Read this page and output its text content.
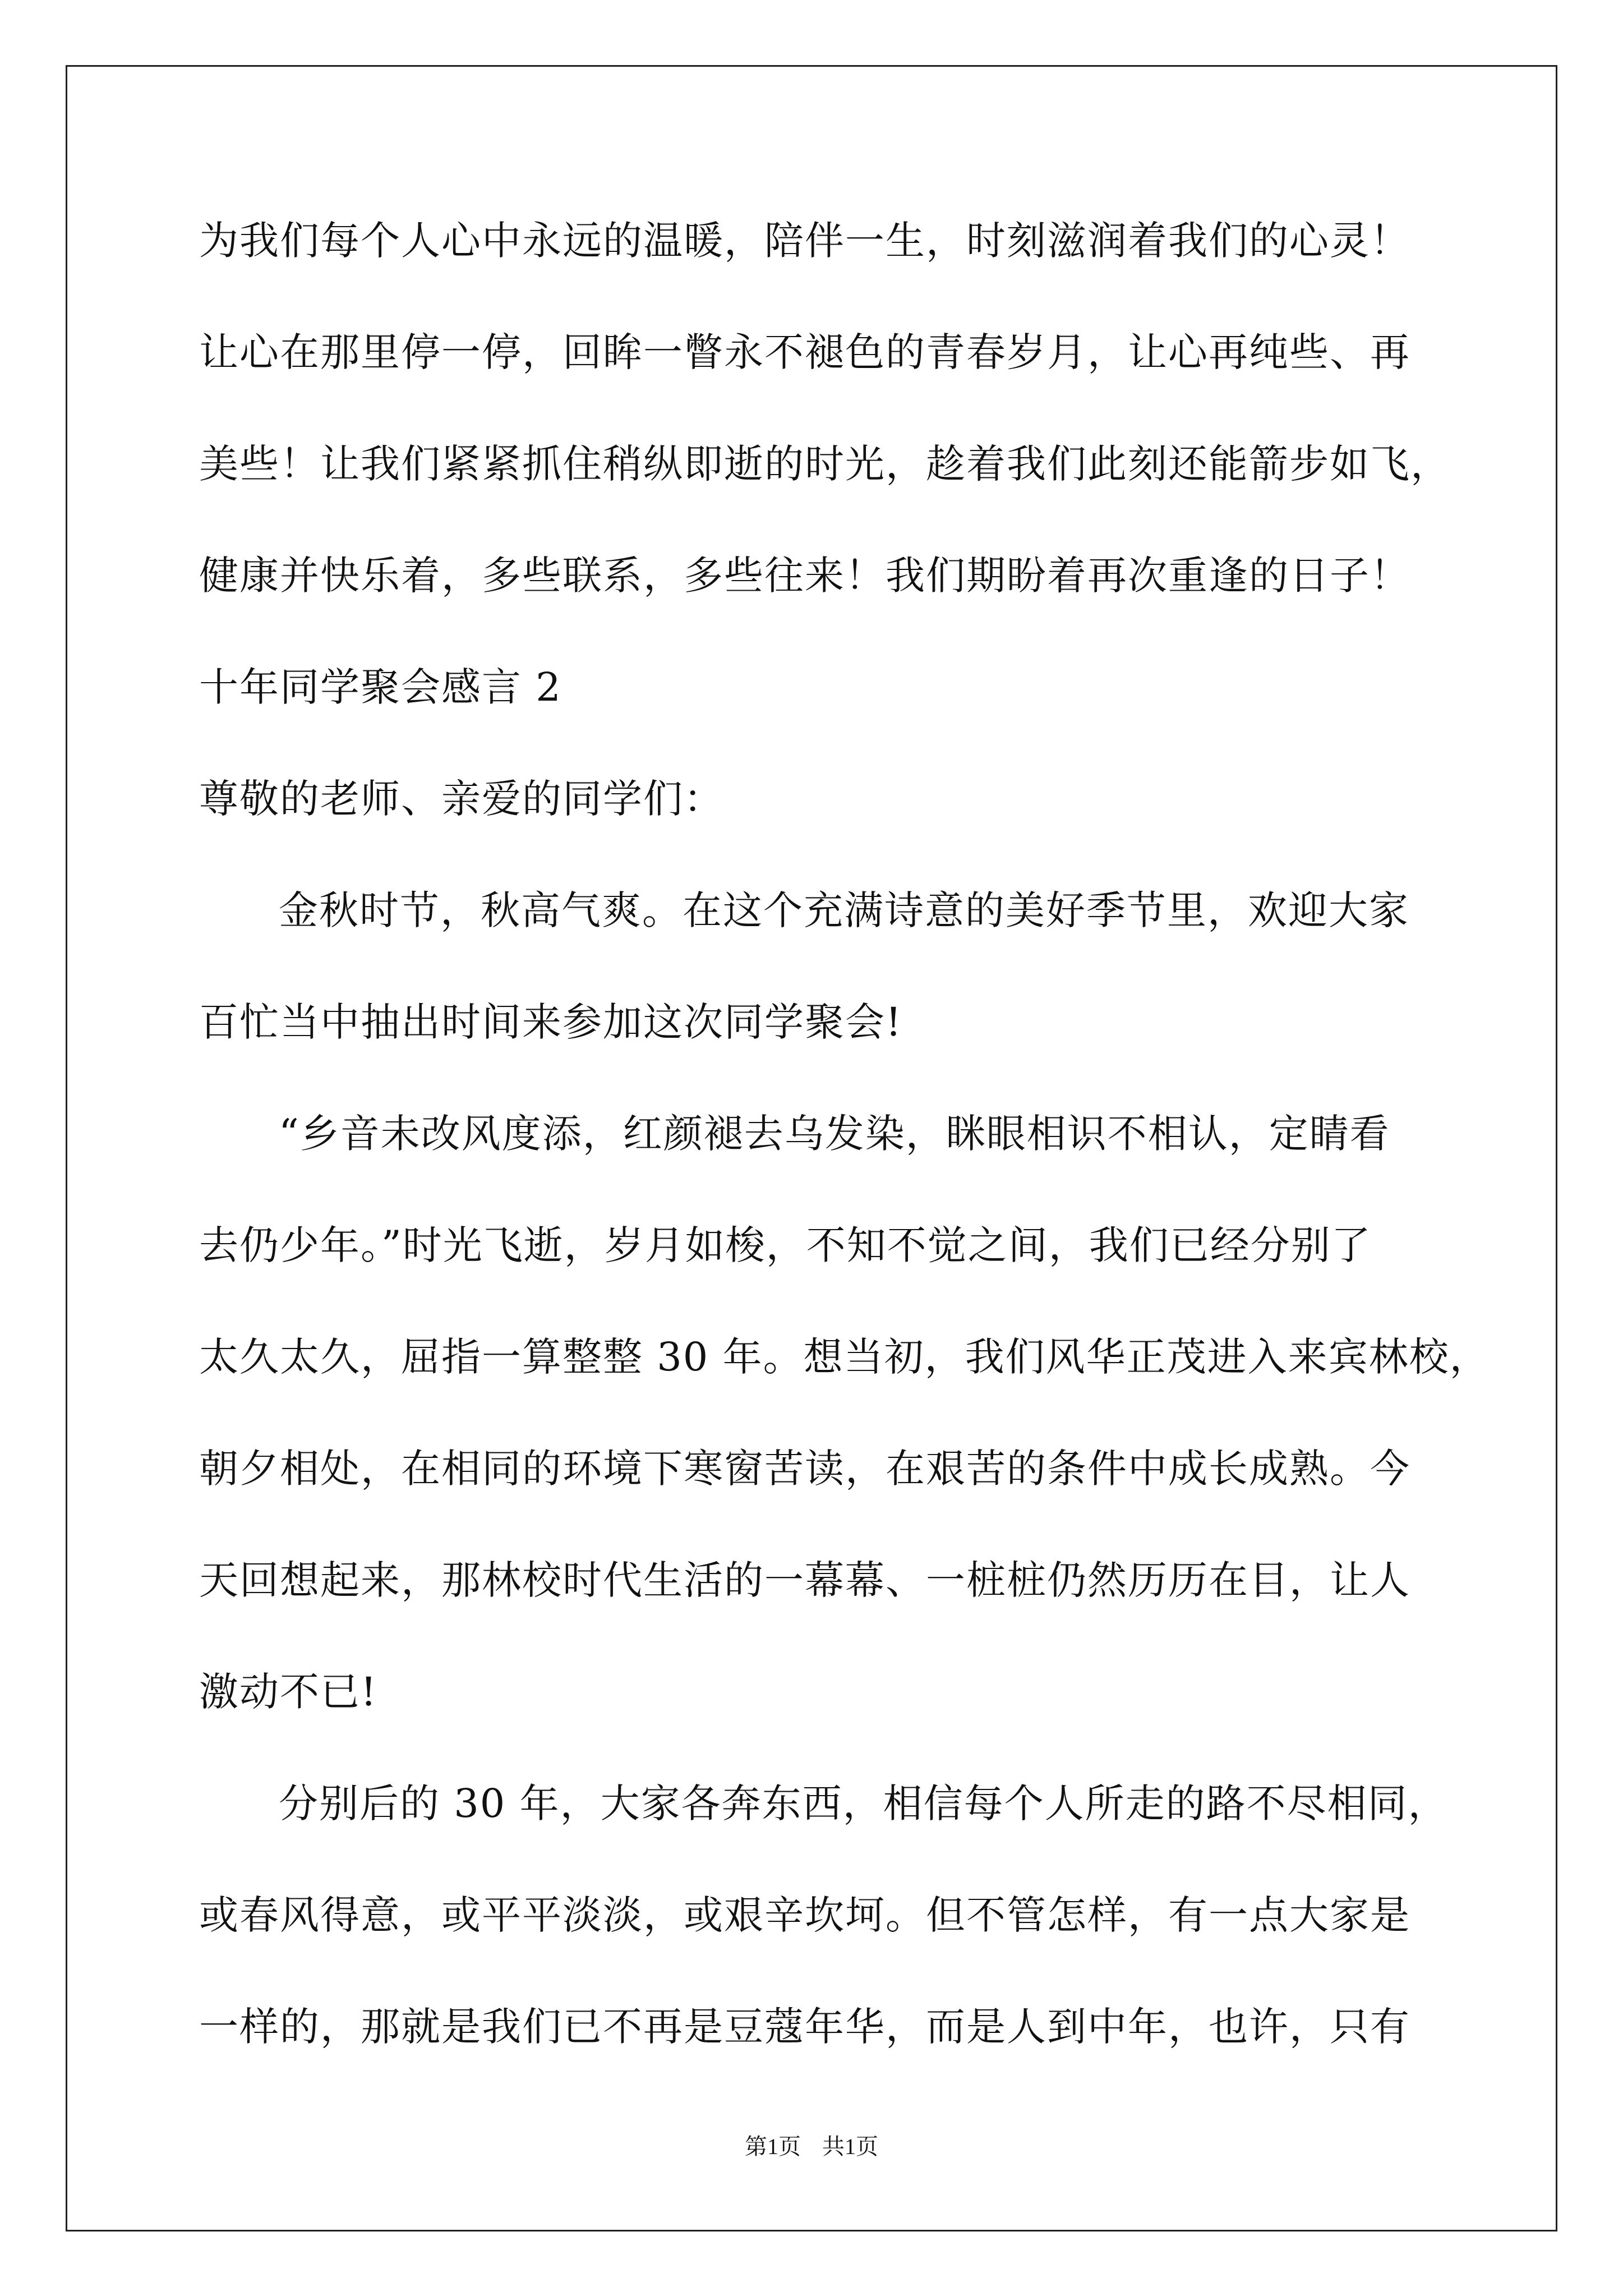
为我们每个人心中永远的温暖，陪伴一生，时刻滋润着我们的心灵！
让心在那里停一停，回眸一瞥永不褪色的青春岁月，让心再纯些、再
美些！让我们紧紧抓住稍纵即逝的时光，趁着我们此刻还能箭步如飞，
健康并快乐着，多些联系，多些往来！我们期盼着再次重逢的日子！
十年同学聚会感言 2
尊敬的老师、亲爱的同学们：
金秋时节，秋高气爽。在这个充满诗意的美好季节里，欢迎大家
百忙当中抽出时间来参加这次同学聚会!
“乡音未改风度添，红颜褪去乌发染，眯眼相识不相认，定睛看
去仍少年。”时光飞逝，岁月如梭，不知不觉之间，我们已经分别了
太久太久，屈指一算整整 30 年。想当初，我们风华正茂进入来宾林校，
朝夕相处，在相同的环境下寒窗苦读，在艰苦的条件中成长成熟。今
天回想起来，那林校时代生活的一幕幕、一桩桩仍然历历在目，让人
激动不已!
分别后的 30 年，大家各奔东西，相信每个人所走的路不尽相同，
或春风得意，或平平淡淡，或艰辛坎坷。但不管怎样，有一点大家是
一样的，那就是我们已不再是豆蔻年华，而是人到中年，也许，只有
第1页 共1页
